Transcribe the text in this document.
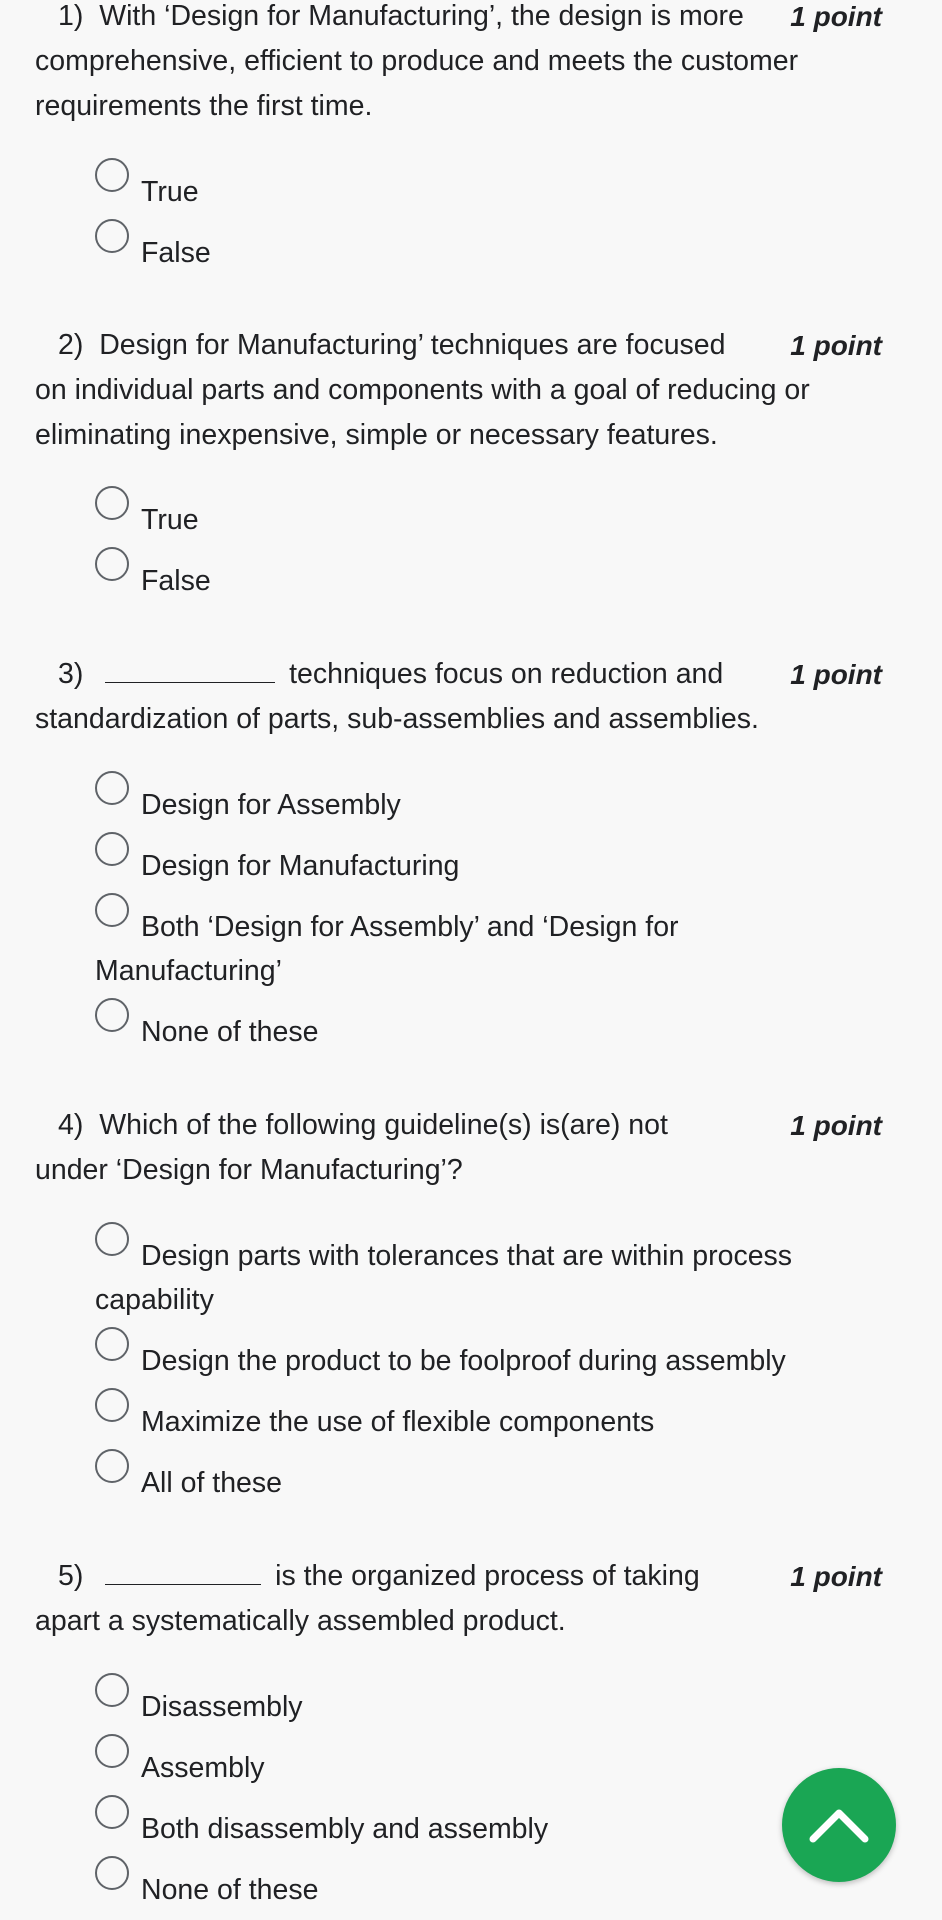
1) With ‘Design for Manufacturing’, the design is more
comprehensive, efficient to produce and meets the customer requirements the first time.
1 point
True
False
2) Design for Manufacturing’ techniques are focused
on individual parts and components with a goal of reducing or eliminating inexpensive, simple or necessary features.
1 point
True
False
3)	techniques focus on reduction and
standardization of parts, sub-assemblies and assemblies.
1 point
Design for Assembly
Design for Manufacturing
Both ‘Design for Assembly’ and ‘Design for Manufacturing’
None of these
4) Which of the following guideline(s) is(are) not
under ‘Design for Manufacturing’?
1 point
Design parts with tolerances that are within process capability
Design the product to be foolproof during assembly
Maximize the use of flexible components
All of these
5)	is the organized process of taking
apart a systematically assembled product.
1 point
Disassembly
Assembly
Both disassembly and assembly
None of these
